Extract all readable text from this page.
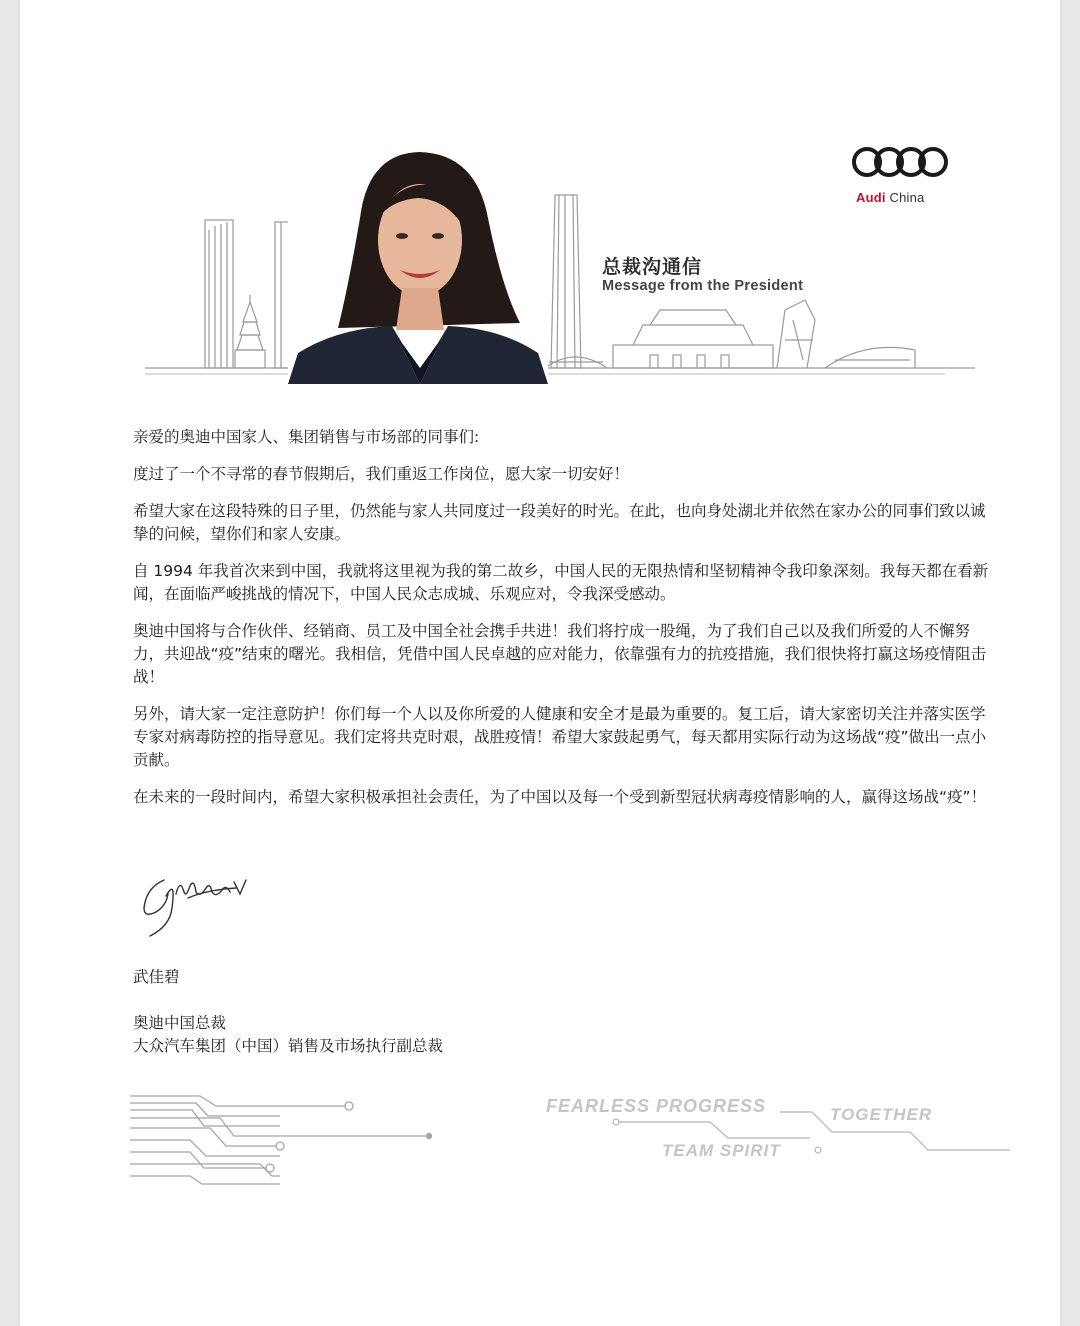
Audi China
总裁沟通信
Message from the President

亲爱的奥迪中国家人、集团销售与市场部的同事们:

度过了一个不寻常的春节假期后，我们重返工作岗位，愿大家一切安好！

希望大家在这段特殊的日子里，仍然能与家人共同度过一段美好的时光。在此，也向身处湖北并依然在家办公的同事们致以诚挚的问候，望你们和家人安康。

自 1994 年我首次来到中国，我就将这里视为我的第二故乡，中国人民的无限热情和坚韧精神令我印象深刻。我每天都在看新闻，在面临严峻挑战的情况下，中国人民众志成城、乐观应对，令我深受感动。

奥迪中国将与合作伙伴、经销商、员工及中国全社会携手共进！我们将拧成一股绳，为了我们自己以及我们所爱的人不懈努力，共迎战“疫”结束的曙光。我相信，凭借中国人民卓越的应对能力，依靠强有力的抗疫措施，我们很快将打赢这场疫情阻击战！

另外，请大家一定注意防护！你们每一个人以及你所爱的人健康和安全才是最为重要的。复工后，请大家密切关注并落实医学专家对病毒防控的指导意见。我们定将共克时艰，战胜疫情！希望大家鼓起勇气，每天都用实际行动为这场战“疫”做出一点小贡献。

在未来的一段时间内，希望大家积极承担社会责任，为了中国以及每一个受到新型冠状病毒疫情影响的人，赢得这场战“疫”！

武佳碧
奥迪中国总裁
大众汽车集团（中国）销售及市场执行副总裁
FEARLESS PROGRESS	TOGETHER
TEAM SPIRIT
